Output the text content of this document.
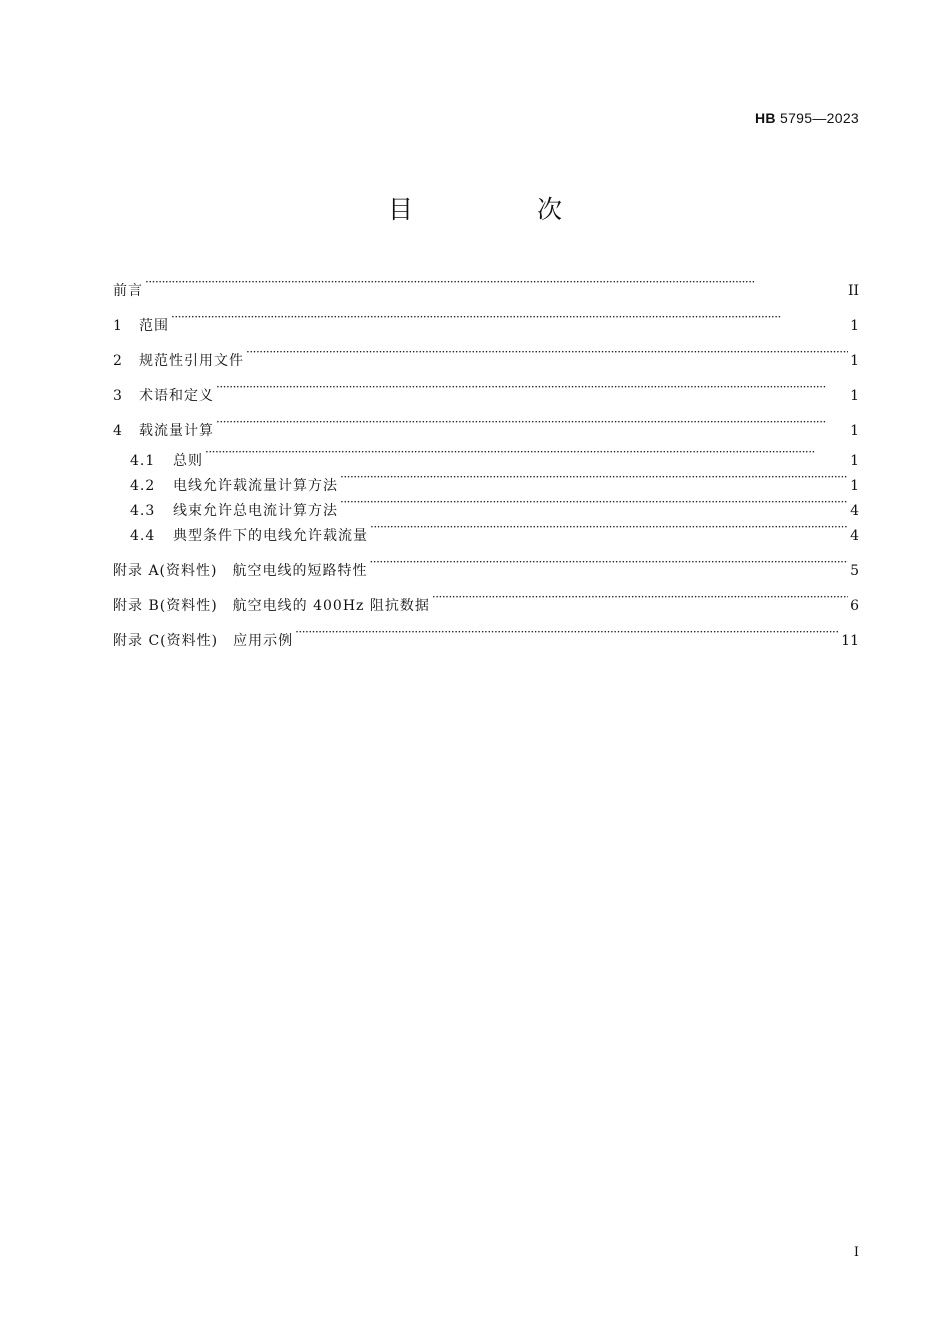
HB 5795—2023
目 次
前言 ·····	II
1	范围 ·····	1
2	规范性引用文件 ·····	1
3	术语和定义 ·····	1
4	载流量计算 ·····	1
4.1	总则 ·····	1
4.2	电线允许载流量计算方法 ·····	1
4.3	线束允许总电流计算方法 ·····	4
4.4	典型条件下的电线允许载流量 ·····	4
附录 A(资料性)　航空电线的短路特性 ·····	5
附录 B(资料性)　航空电线的 400Hz 阻抗数据 ·····	6
附录 C(资料性)　应用示例 ·····	11
I
